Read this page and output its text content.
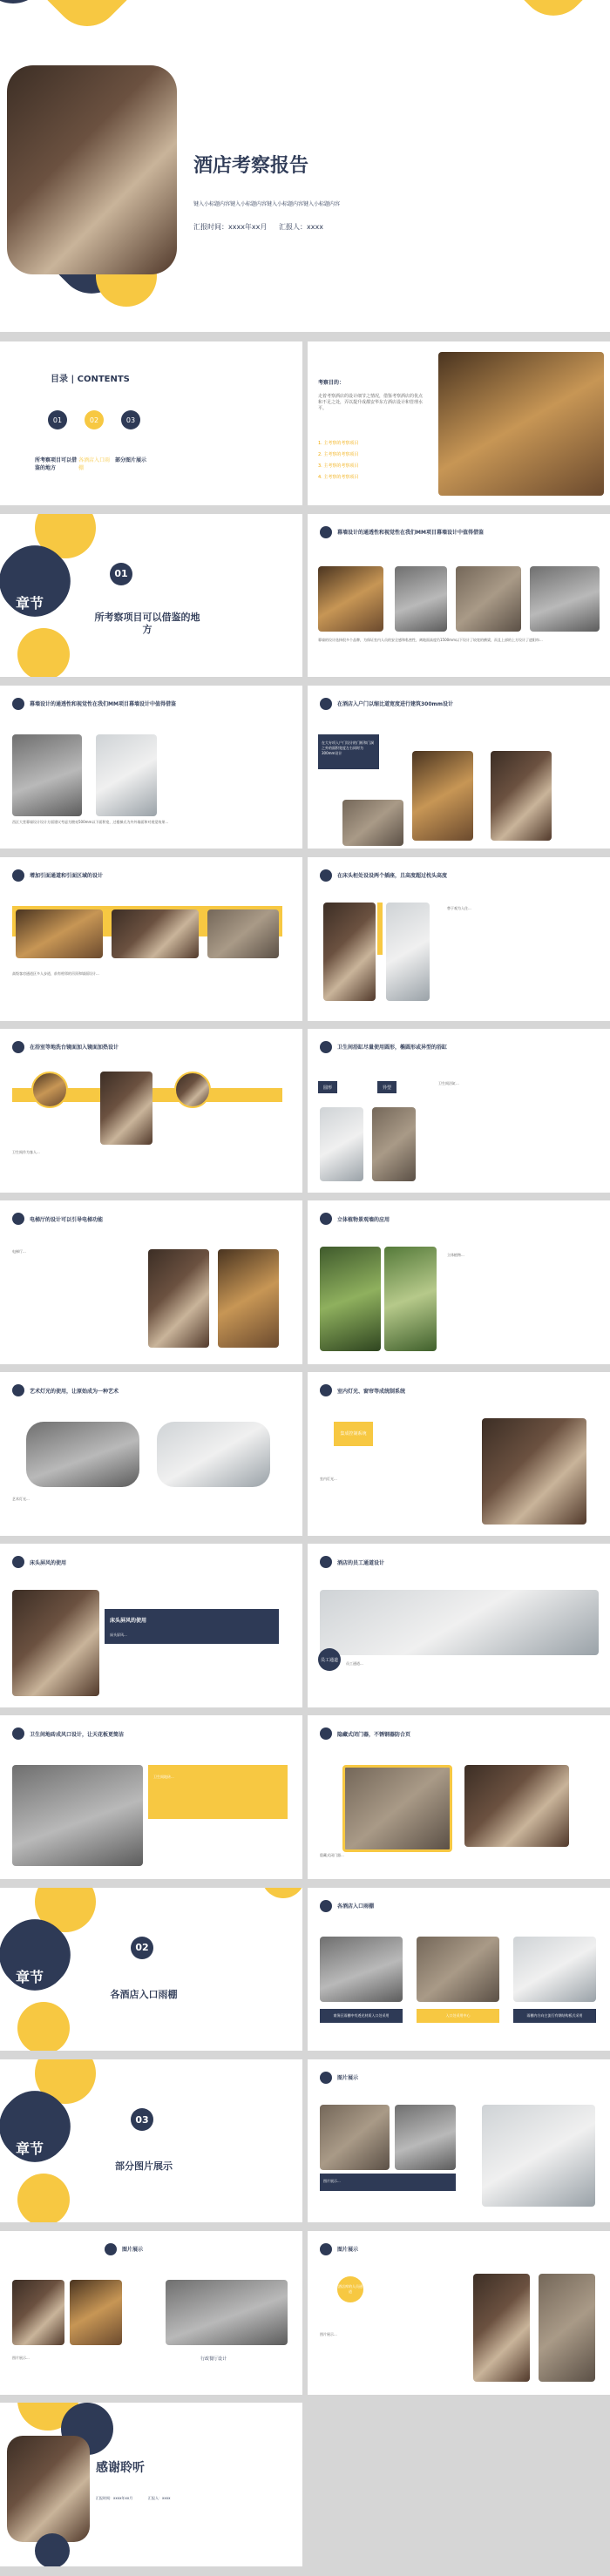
酒店考察报告
键入小标题内容键入小标题内容键入小标题内容键入小标题内容
汇报时间：xxxx年xx月 汇报人：xxxx
目录 | CONTENTS
01	02	03
所考察项目可以借鉴的地方
各酒店入口雨棚
部分图片展示
考察目的：
走着考察酒店的设计细节之情况，借鉴考察酒店的优点和不足之处，弄以提升成都安华东方酒店设计和管理水平。
1. 主考察的考察项目
2. 主考察的考察项目
3. 主考察的考察项目
4. 主考察的考察项目
章节
01
所考察项目可以借鉴的地方
幕墙设计的通透性和视觉性在我们MM项目幕墙设计中值得借鉴
幕墙的设计选择很多个品牌，为保证室内人员的安全感和私密性，离地面高度仍1500mm以下设计了较宽的横梁，而且上部的上方设计了遮阳帘...
幕墙设计的通透性和视觉性在我们MM项目幕墙设计中值得借鉴
西区大堂幕墙设计设计方面建议考虑为镀亮500mm以下面积宽，过楼梯式为外外墙面和对视觉效果...
在酒店入户门以缩比道宽度进行建筑300mm设计
在大专项入户门设计的门框和门洞之外的面积宽度左右同时为300mm设计
增加引面通道和引面区域的设计
高级客房通道区多人步道，前有相邻的吊顶和墙面设计...
在床头柜处设设两个插座，且高度超过枕头高度
替于观为入住...
在浴室等地洗台镜面加入镜面加热设计
卫生间作为客人...
卫生间浴缸尽量使用圆形，椭圆形或异型的浴缸
圆形	异型
卫生间浴缸...
电梯厅的设计可以引导电梯功能
电梯厅...
立体植物景观墙的应用
立体植物...
艺术灯光的使用，让原始成为一种艺术
艺术灯光...
室内灯光、窗帘等成统制系统
集成控制系统
室内灯光...
床头屏风的使用
床头屏风的使用
床头屏风...
酒店的员工通道设计
员工通道
员工通道...
卫生间地砖成风口设计，让天花板更简洁
卫生间地砖...
隐藏式闭门器，不锈钢器防合页
隐藏式闭门器...
章节
02
各酒店入口雨棚
各酒店入口雨棚
商务区雨棚中有透光材质入口处采用	入口处采用中心	雨棚内方向主流行有钢结构板式采用
章节
03
部分图片展示
图片展示
图片展示...
图片展示
图片展示...	行政餐厅设计
图片展示
酒店库的人员通道
图片展示...
感谢聆听
汇报时间：xxxx年xx月	汇报人：xxxx
